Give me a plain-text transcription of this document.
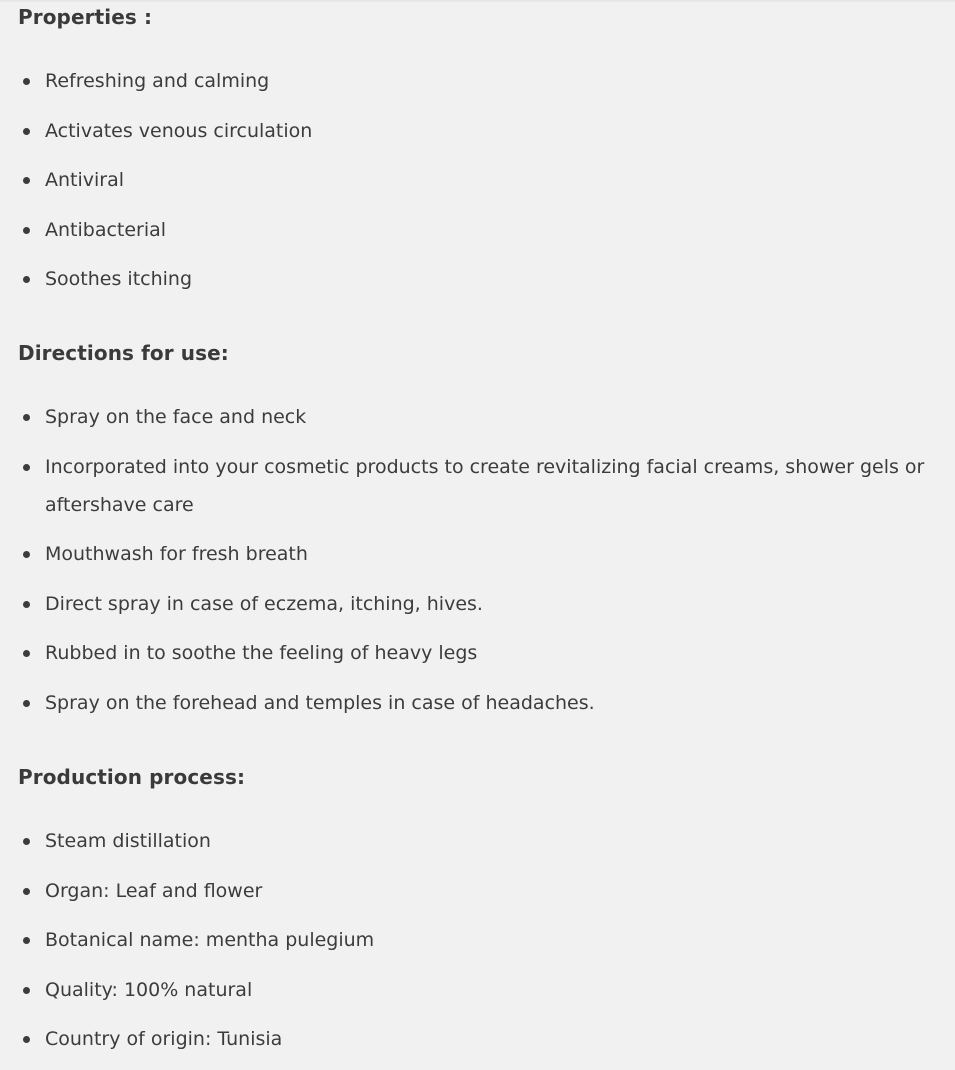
Properties :
Refreshing and calming
Activates venous circulation
Antiviral
Antibacterial
Soothes itching
Directions for use:
Spray on the face and neck
Incorporated into your cosmetic products to create revitalizing facial creams, shower gels or aftershave care
Mouthwash for fresh breath
Direct spray in case of eczema, itching, hives.
Rubbed in to soothe the feeling of heavy legs
Spray on the forehead and temples in case of headaches.
Production process:
Steam distillation
Organ: Leaf and flower
Botanical name: mentha pulegium
Quality: 100% natural
Country of origin: Tunisia
